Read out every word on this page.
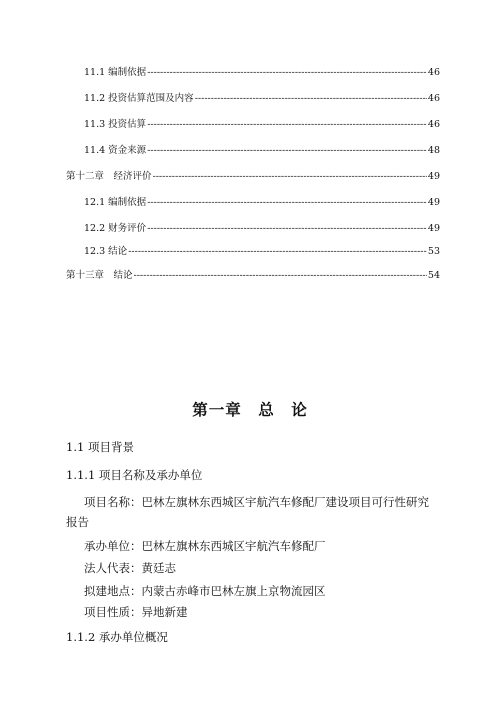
11.1 编制依据 -----	46
11.2 投资估算范围及内容 -----	46
11.3 投资估算 -----	46
11.4 资金来源 -----	48
第十二章　经济评价 -----	49
12.1 编制依据 -----	49
12.2 财务评价 -----	49
12.3 结论 -----	53
第十三章　结论 -----	54
第一章　总　论
1.1 项目背景
1.1.1 项目名称及承办单位
项目名称：巴林左旗林东西城区宇航汽车修配厂建设项目可行性研究
报告
承办单位：巴林左旗林东西城区宇航汽车修配厂
法人代表：黄廷志
拟建地点：内蒙古赤峰市巴林左旗上京物流园区
项目性质：异地新建
1.1.2 承办单位概况
